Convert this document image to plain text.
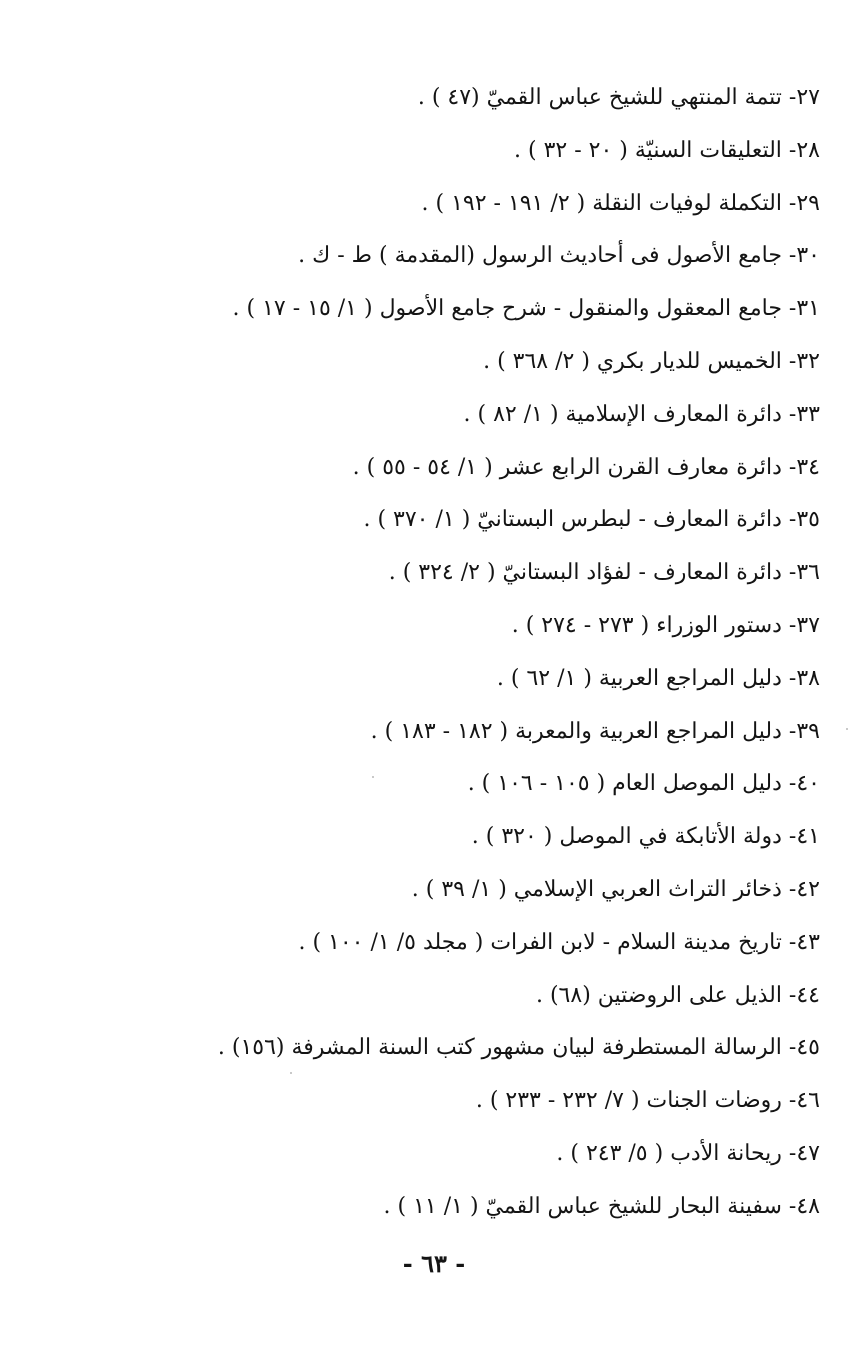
٢٧- تتمة المنتهي للشيخ عباس القميّ (٤٧ ) .
٢٨- التعليقات السنيّة ( ٢٠ - ٣٢ ) .
٢٩- التكملة لوفيات النقلة ( ٢/ ١٩١ - ١٩٢ ) .
٣٠- جامع الأصول فى أحاديث الرسول (المقدمة ) ط - ك .
٣١- جامع المعقول والمنقول - شرح جامع الأصول ( ١/ ١٥ - ١٧ ) .
٣٢- الخميس للديار بكري ( ٢/ ٣٦٨ ) .
٣٣- دائرة المعارف الإسلامية ( ١/ ٨٢ ) .
٣٤- دائرة معارف القرن الرابع عشر ( ١/ ٥٤ - ٥٥ ) .
٣٥- دائرة المعارف - لبطرس البستانيّ ( ١/ ٣٧٠ ) .
٣٦- دائرة المعارف - لفؤاد البستانيّ ( ٢/ ٣٢٤ ) .
٣٧- دستور الوزراء ( ٢٧٣ - ٢٧٤ ) .
٣٨- دليل المراجع العربية ( ١/ ٦٢ ) .
٣٩- دليل المراجع العربية والمعربة ( ١٨٢ - ١٨٣ ) .
٤٠- دليل الموصل العام ( ١٠٥ - ١٠٦ ) .
٤١- دولة الأتابكة في الموصل ( ٣٢٠ ) .
٤٢- ذخائر التراث العربي الإسلامي ( ١/ ٣٩ ) .
٤٣- تاريخ مدينة السلام - لابن الفرات ( مجلد ٥/ ١/ ١٠٠ ) .
٤٤- الذيل على الروضتين (٦٨) .
٤٥- الرسالة المستطرفة لبيان مشهور كتب السنة المشرفة (١٥٦) .
٤٦- روضات الجنات ( ٧/ ٢٣٢ - ٢٣٣ ) .
٤٧- ريحانة الأدب ( ٥/ ٢٤٣ ) .
٤٨- سفينة البحار للشيخ عباس القميّ ( ١/ ١١ ) .
- ٦٣ -
